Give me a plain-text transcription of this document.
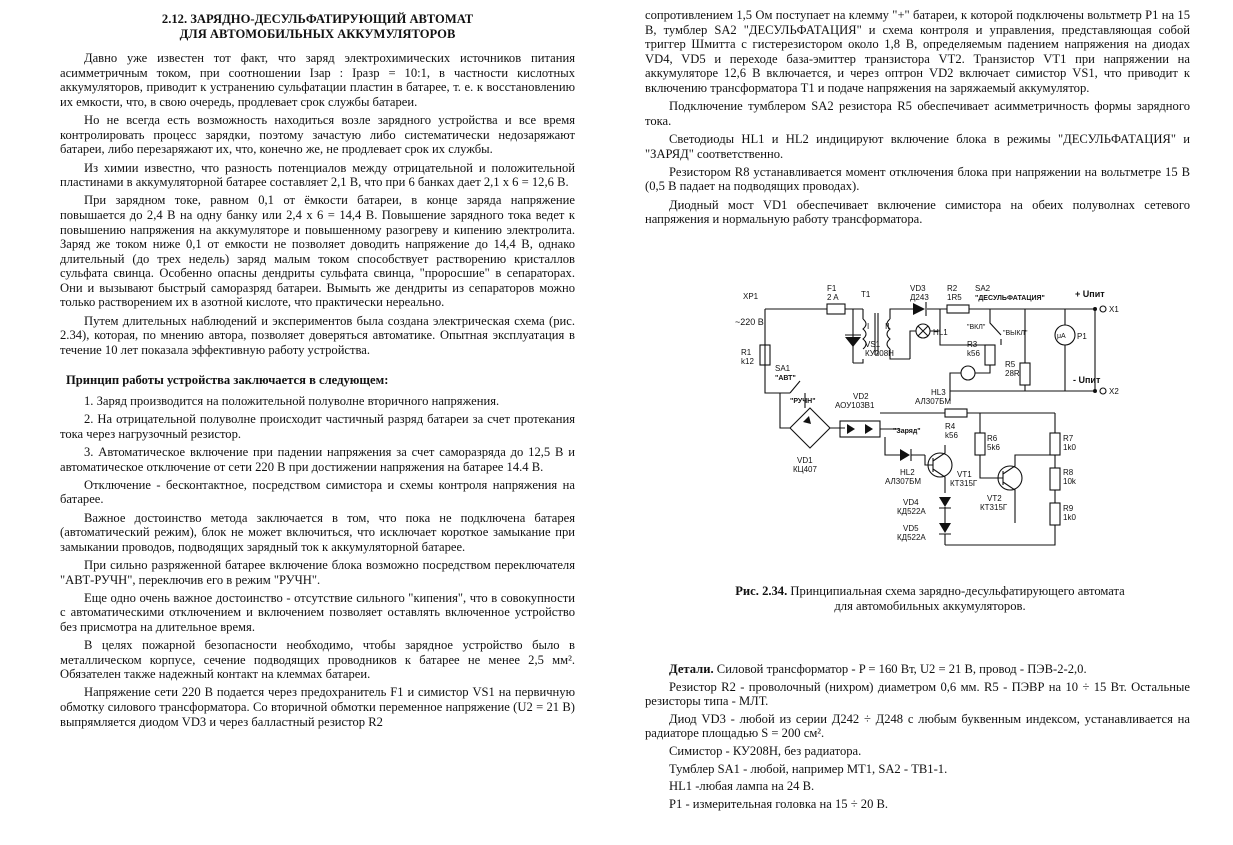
2.12. ЗАРЯДНО-ДЕСУЛЬФАТИРУЮЩИЙ АВТОМАТ
ДЛЯ АВТОМОБИЛЬНЫХ АККУМУЛЯТОРОВ

Давно уже известен тот факт, что заряд электрохимических источников питания асимметричным током, при соотношении Iзар : Iразр = 10:1, в частности кислотных аккумуляторов, приводит к устранению сульфатации пластин в батарее, т. е. к восстановлению их емкости, что, в свою очередь, продлевает срок службы батареи.

Но не всегда есть возможность находиться возле зарядного устройства и все время контролировать процесс зарядки, поэтому зачастую либо систематически недозаряжают батареи, либо перезаряжают их, что, конечно же, не продлевает срок их службы.

Из химии известно, что разность потенциалов между отрицательной и положительной пластинами в аккумуляторной батарее составляет 2,1 В, что при 6 банках дает 2,1 х 6 = 12,6 В.

При зарядном токе, равном 0,1 от ёмкости батареи, в конце заряда напряжение повышается до 2,4 В на одну банку или 2,4 х 6 = 14,4 В. Повышение зарядного тока ведет к повышению напряжения на аккумуляторе и повышенному разогреву и кипению электролита. Заряд же током ниже 0,1 от емкости не позволяет доводить напряжение до 14,4 В, однако длительный (до трех недель) заряд малым током способствует растворению кристаллов сульфата свинца. Особенно опасны дендриты сульфата свинца, "проросшие" в сепараторах. Они и вызывают быстрый саморазряд батареи. Вымыть же дендриты из сепараторов можно только растворением их в азотной кислоте, что практически нереально.

Путем длительных наблюдений и экспериментов была создана электрическая схема (рис. 2.34), которая, по мнению автора, позволяет доверяться автоматике. Опытная эксплуатация в течение 10 лет показала эффективную работу устройства.

Принцип работы устройства заключается в следующем:

1. Заряд производится на положительной полуволне вторичного напряжения.

2. На отрицательной полуволне происходит частичный разряд батареи за счет протекания тока через нагрузочный резистор.

3. Автоматическое включение при падении напряжения за счет саморазряда до 12,5 В и автоматическое отключение от сети 220 В при достижении напряжения на батарее 14.4 В.

Отключение - бесконтактное, посредством симистора и схемы контроля напряжения на батарее.

Важное достоинство метода заключается в том, что пока не подключена батарея (автоматический режим), блок не может включиться, что исключает короткое замыкание при замыкании проводов, подводящих зарядный ток к аккумуляторной батарее.

При сильно разряженной батарее включение блока возможно посредством переключателя "АВТ-РУЧН", переключив его в режим "РУЧН".

Еще одно очень важное достоинство - отсутствие сильного "кипения", что в совокупности с автоматическими отключением и включением позволяет оставлять включенное устройство без присмотра на длительное время.

В целях пожарной безопасности необходимо, чтобы зарядное устройство было в металлическом корпусе, сечение подводящих проводников к батарее не менее 2,5 мм². Обязателен также надежный контакт на клеммах батареи.

Напряжение сети 220 В подается через предохранитель F1 и симистор VS1 на первичную обмотку силового трансформатора. Со вторичной обмотки переменное напряжение (U2 = 21 В) выпрямляется диодом VD3 и через балластный резистор R2

сопротивлением 1,5 Ом поступает на клемму "+" батареи, к которой подключены вольтметр P1 на 15 В, тумблер SA2 "ДЕСУЛЬФАТАЦИЯ" и схема контроля и управления, представляющая собой триггер Шмитта с гистерезистором около 1,8 В, определяемым падением напряжения на диодах VD4, VD5 и переходе база-эмиттер транзистора VT2. Транзистор VT1 при напряжении на аккумуляторе 12,6 В включается, и через оптрон VD2 включает симистор VS1, что приводит к включению трансформатора T1 и подаче напряжения на заряжаемый аккумулятор.

Подключение тумблером SA2 резистора R5 обеспечивает асимметричность формы зарядного тока.

Светодиоды HL1 и HL2 индицируют включение блока в режимы "ДЕСУЛЬФАТАЦИЯ" и "ЗАРЯД" соответственно.

Резистором R8 устанавливается момент отключения блока при напряжении на вольтметре 15 В (0,5 В падает на подводящих проводах).

Диодный мост VD1 обеспечивает включение симистора на обеих полуволнах сетевого напряжения и нормальную работу трансформатора.

XP1
F1
2 A	T1
VD3
Д243
R2
1R5
SA2
"ДЕСУЛЬФАТАЦИЯ"	+ Uпит
X1
~220 В	I II
HL1
"ВКЛ"
"ВЫКЛ"
R3
k56
P1
μA
VS1
КУ208Н
R1
k12
SA1
"АВТ"
R5
28R
- Uпит
X2
HL3
АЛ307БМ
VD2
АОУ103В1
"РУЧН"
R4
k56
"Заряд"
R6
5k6
R7
1k0
VD1
КЦ407	HL2
АЛ307БМ
VT1
КТ315Г
R8
10k
VT2
КТ315Г
VD4
КД522А	R9
1k0
VD5
КД522А
Рис. 2.34. Принципиальная схема зарядно-десульфатирующего автомата
для автомобильных аккумуляторов.

Детали. Силовой трансформатор - P = 160 Вт, U2 = 21 В, провод - ПЭВ-2-2,0.

Резистор R2 - проволочный (нихром) диаметром 0,6 мм. R5 - ПЭВР на 10 ÷ 15 Вт. Остальные резисторы типа - МЛТ.

Диод VD3 - любой из серии Д242 ÷ Д248 с любым буквенным индексом, устанавливается на радиаторе площадью S = 200 см².

Симистор - КУ208Н, без радиатора.

Тумблер SA1 - любой, например МТ1, SA2 - ТВ1-1.

HL1 -любая лампа на 24 В.

P1 - измерительная головка на 15 ÷ 20 В.
